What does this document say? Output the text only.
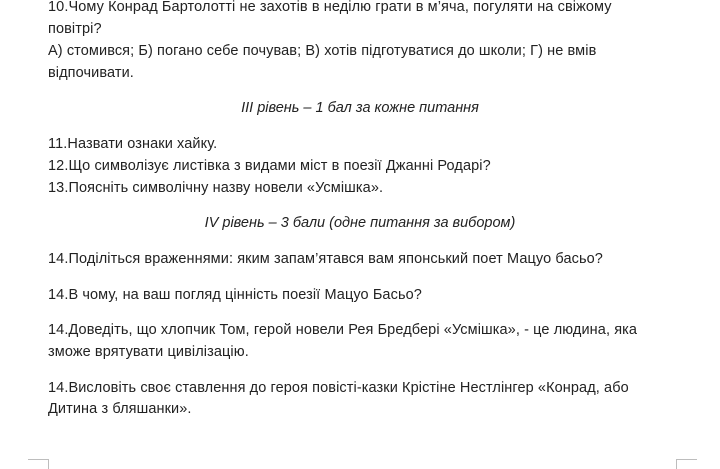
10.Чому Конрад Бартолотті не захотів в неділю грати в м’яча, погуляти на свіжому
повітрі?
А) стомився; Б) погано себе почував; В) хотів підготуватися до школи; Г) не вмів
відпочивати.
ІІІ рівень – 1 бал за кожне питання
11.Назвати ознаки хайку.
12.Що символізує листівка з видами міст в поезії Джанні Родарі?
13.Поясніть символічну назву новели «Усмішка».
ІV рівень – 3 бали (одне питання за вибором)
14.Поділіться враженнями: яким запам’ятався вам японський поет Мацуо басьо?
14.В чому, на ваш погляд цінність поезії Мацуо Басьо?
14.Доведіть, що хлопчик Том, герой новели Рея Бредбері «Усмішка», - це людина, яка
зможе врятувати цивілізацію.
14.Висловіть своє ставлення до героя повісті-казки Крістіне Нестлінгер «Конрад, або
Дитина з бляшанки».
